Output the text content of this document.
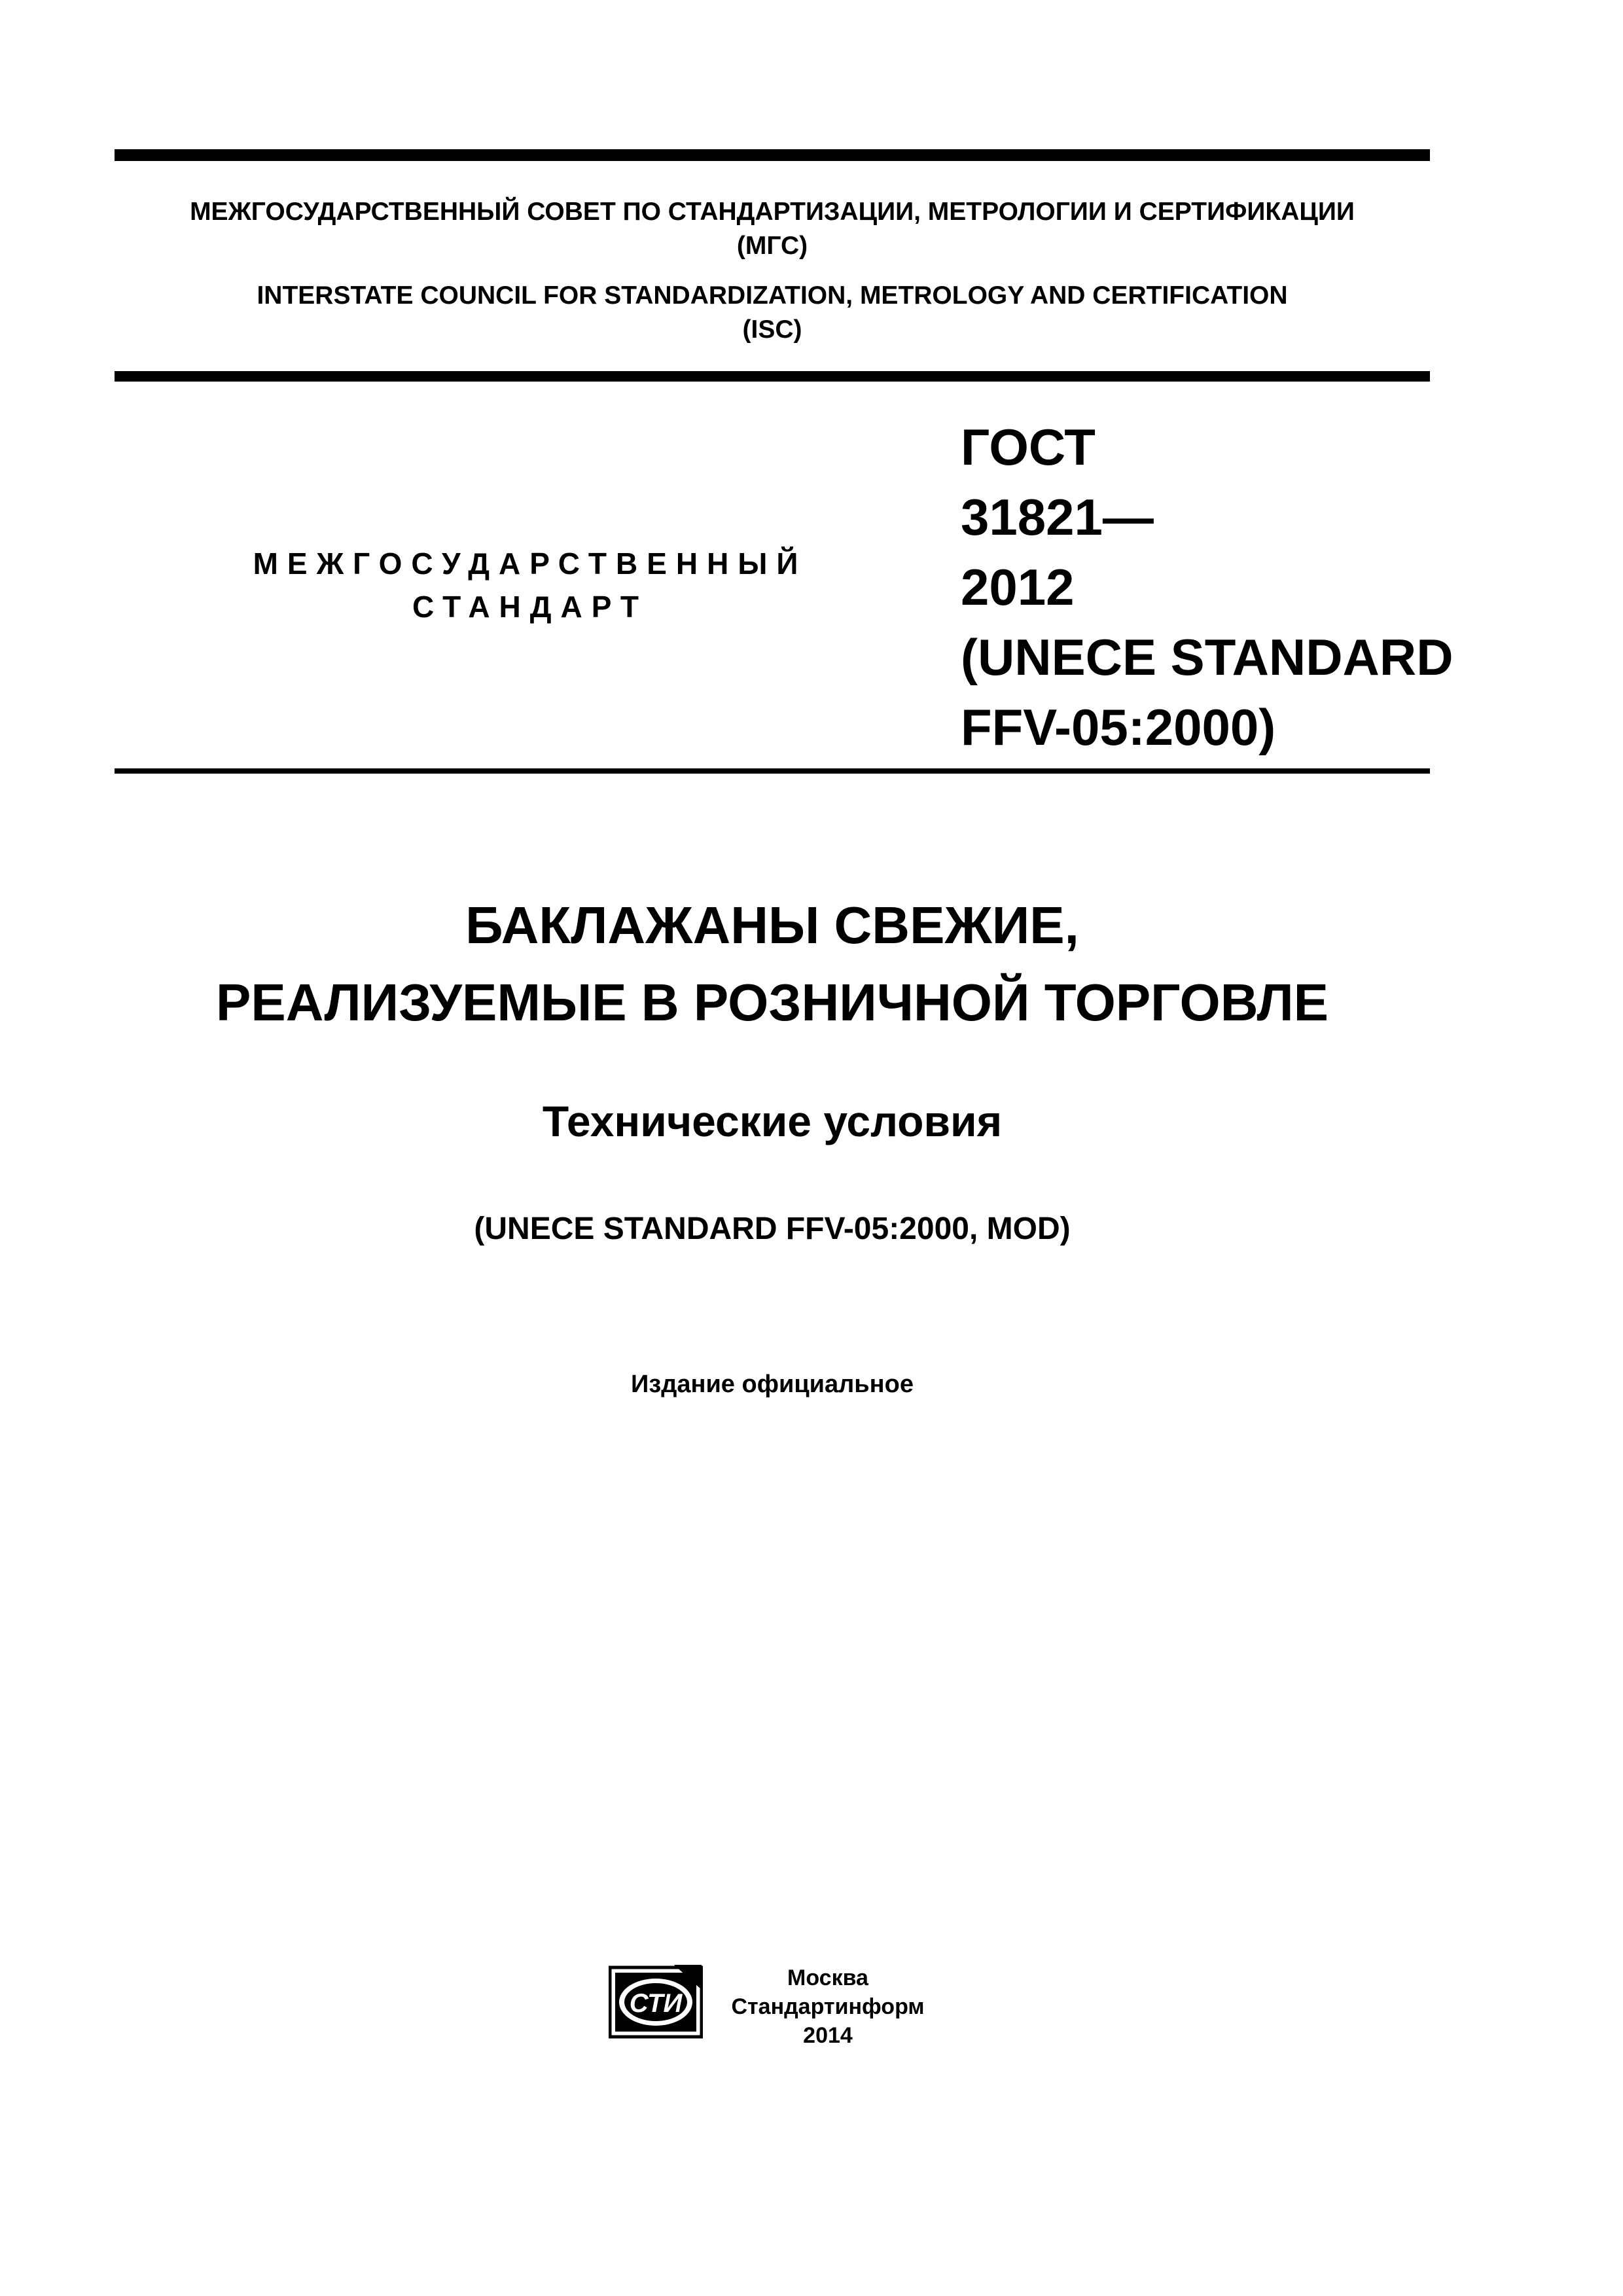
МЕЖГОСУДАРСТВЕННЫЙ СОВЕТ ПО СТАНДАРТИЗАЦИИ, МЕТРОЛОГИИ И СЕРТИФИКАЦИИ
(МГС)
INTERSTATE COUNCIL FOR STANDARDIZATION, METROLOGY AND CERTIFICATION
(ISC)
МЕЖГОСУДАРСТВЕННЫЙ
СТАНДАРТ
ГОСТ
31821—
2012
(UNECE STANDARD
FFV-05:2000)
БАКЛАЖАНЫ СВЕЖИЕ,
РЕАЛИЗУЕМЫЕ В РОЗНИЧНОЙ ТОРГОВЛЕ
Технические условия
(UNECE STANDARD FFV-05:2000, MOD)
Издание официальное
СТИ
Москва
Стандартинформ
2014
